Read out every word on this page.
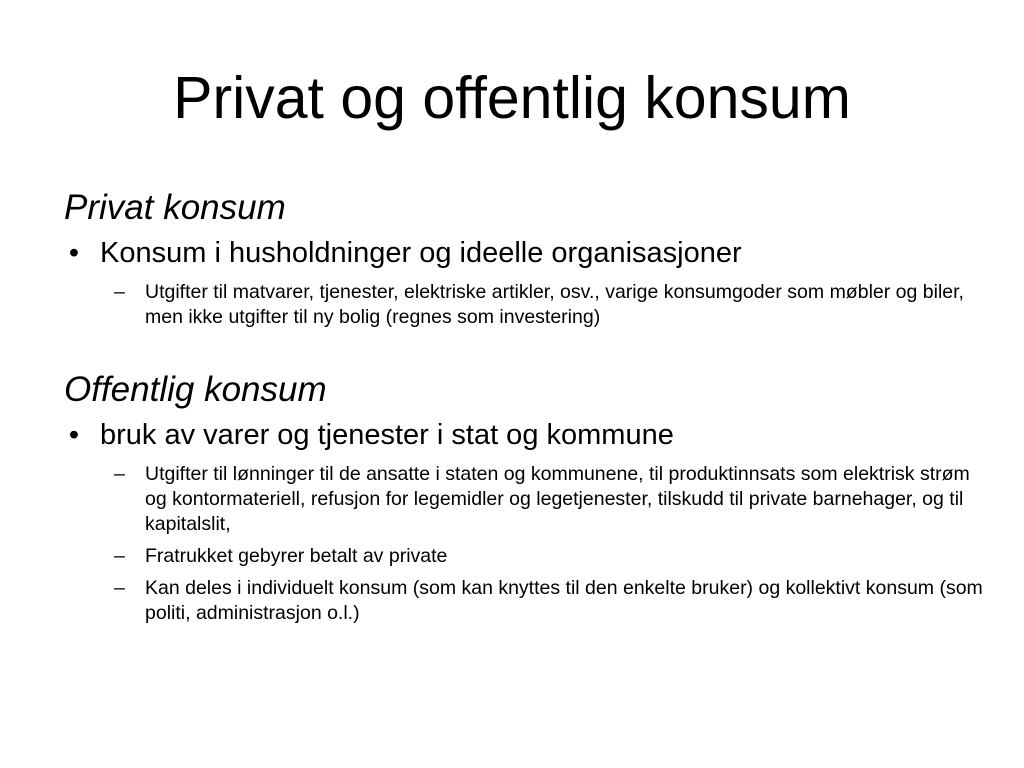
Privat og offentlig konsum

Privat konsum

• Konsum i husholdninger og ideelle organisasjoner
– Utgifter til matvarer, tjenester, elektriske artikler, osv., varige konsumgoder som møbler og biler, men ikke utgifter til ny bolig (regnes som investering)

Offentlig konsum

• bruk av varer og tjenester i stat og kommune
– Utgifter til lønninger til de ansatte i staten og kommunene, til produktinnsats som elektrisk strøm og kontormateriell, refusjon for legemidler og legetjenester, tilskudd til private barnehager, og til kapitalslit,
– Fratrukket gebyrer betalt av private
– Kan deles i individuelt konsum (som kan knyttes til den enkelte bruker) og kollektivt konsum (som politi, administrasjon o.l.)
